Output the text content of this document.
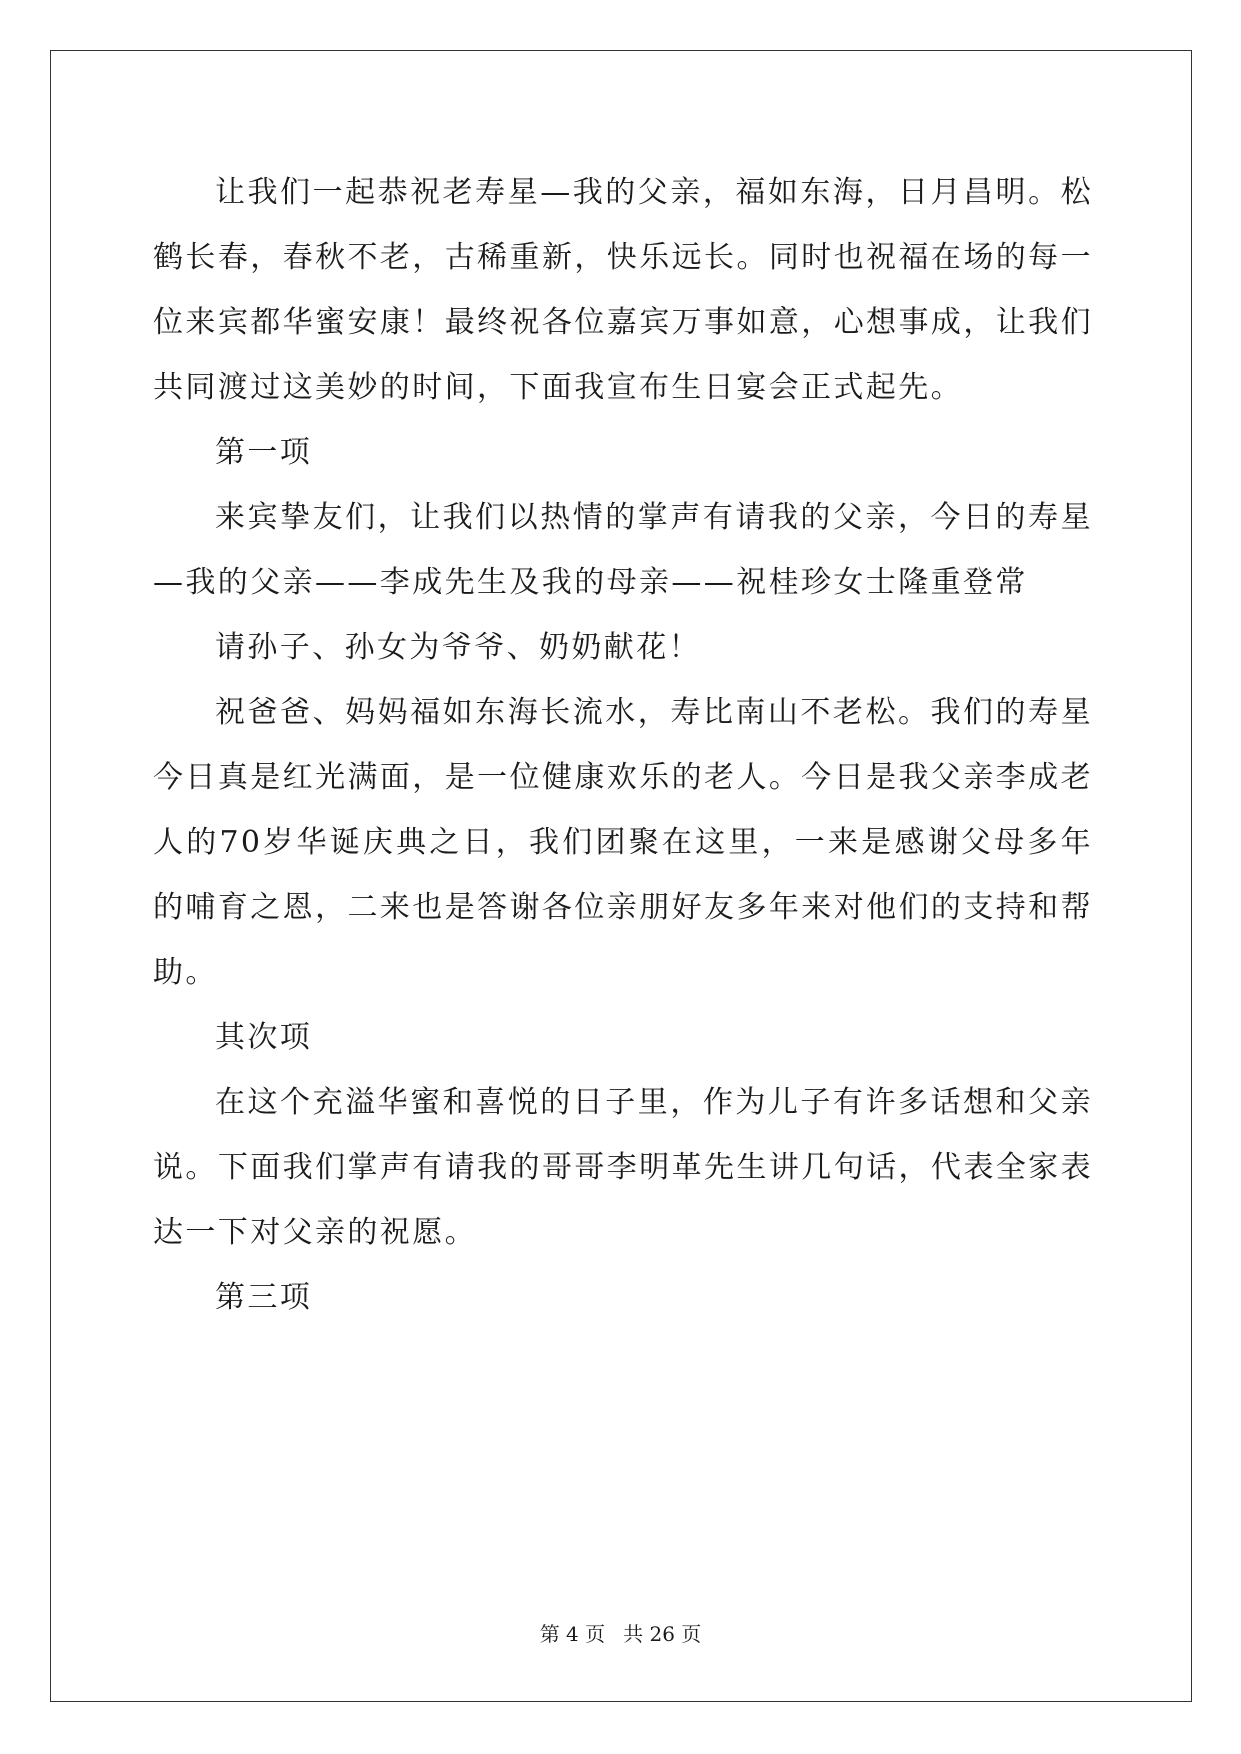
让我们一起恭祝老寿星—我的父亲，福如东海，日月昌明。松鹤长春，春秋不老，古稀重新，快乐远长。同时也祝福在场的每一位来宾都华蜜安康！最终祝各位嘉宾万事如意，心想事成，让我们共同渡过这美妙的时间，下面我宣布生日宴会正式起先。

第一项

来宾挚友们，让我们以热情的掌声有请我的父亲，今日的寿星—我的父亲——李成先生及我的母亲——祝桂珍女士隆重登常

请孙子、孙女为爷爷、奶奶献花！

祝爸爸、妈妈福如东海长流水，寿比南山不老松。我们的寿星今日真是红光满面，是一位健康欢乐的老人。今日是我父亲李成老人的70岁华诞庆典之日，我们团聚在这里，一来是感谢父母多年的哺育之恩，二来也是答谢各位亲朋好友多年来对他们的支持和帮助。

其次项

在这个充溢华蜜和喜悦的日子里，作为儿子有许多话想和父亲说。下面我们掌声有请我的哥哥李明革先生讲几句话，代表全家表达一下对父亲的祝愿。

第三项

第 4 页 共 26 页
